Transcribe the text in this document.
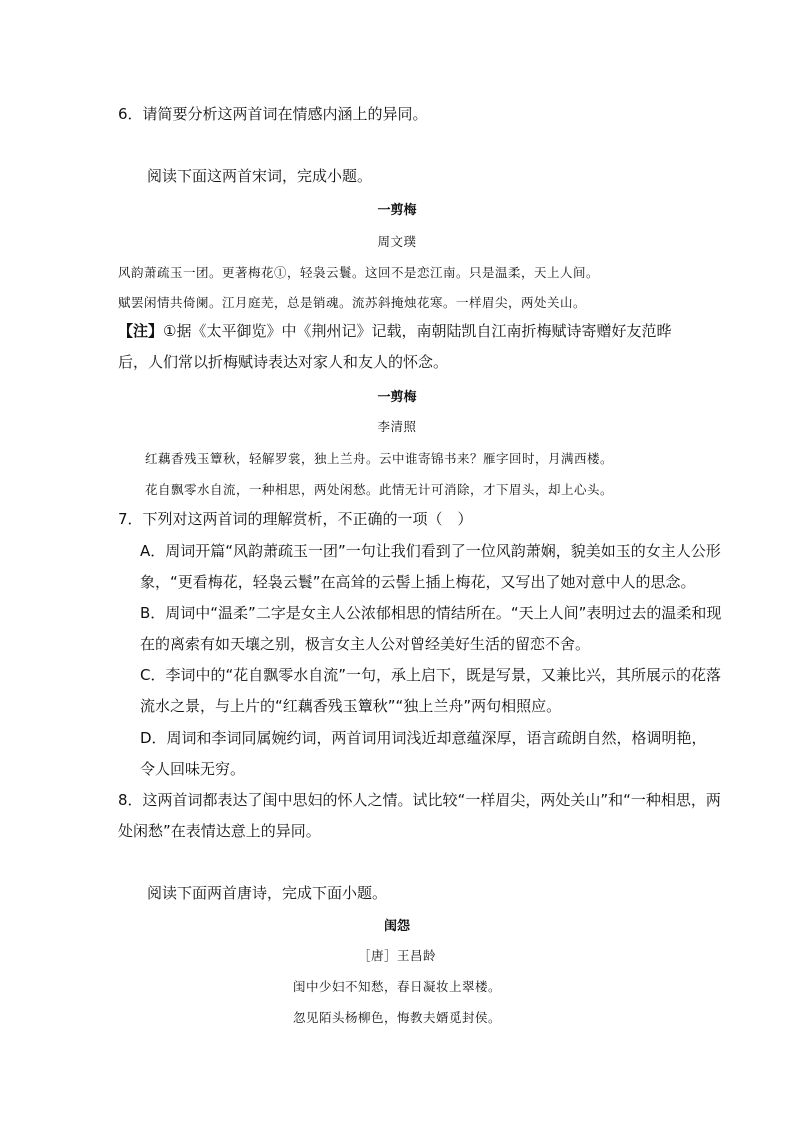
6．请简要分析这两首词在情感内涵上的异同。
阅读下面这两首宋词，完成小题。
一剪梅
周文璞
风韵萧疏玉一团。更著梅花①，轻袅云鬟。这回不是恋江南。只是温柔，天上人间。
赋罢闲情共倚阑。江月庭芜，总是销魂。流苏斜掩烛花寒。一样眉尖，两处关山。
【注】①据《太平御览》中《荆州记》记载，南朝陆凯自江南折梅赋诗寄赠好友范晔
后，人们常以折梅赋诗表达对家人和友人的怀念。
一剪梅
李清照
红藕香残玉簟秋，轻解罗裳，独上兰舟。云中谁寄锦书来？雁字回时，月满西楼。
花自飘零水自流，一种相思，两处闲愁。此情无计可消除，才下眉头，却上心头。
7．下列对这两首词的理解赏析，不正确的一项（　）
A．周词开篇“风韵萧疏玉一团”一句让我们看到了一位风韵萧娴，貌美如玉的女主人公形
象，“更看梅花，轻袅云鬟”在高耸的云髻上插上梅花，又写出了她对意中人的思念。
B．周词中“温柔”二字是女主人公浓郁相思的情结所在。“天上人间”表明过去的温柔和现
在的离索有如天壤之别，极言女主人公对曾经美好生活的留恋不舍。
C．李词中的“花自飘零水自流”一句，承上启下，既是写景，又兼比兴，其所展示的花落
流水之景，与上片的“红藕香残玉簟秋”“独上兰舟”两句相照应。
D．周词和李词同属婉约词，两首词用词浅近却意蕴深厚，语言疏朗自然，格调明艳，
令人回味无穷。
8．这两首词都表达了闺中思妇的怀人之情。试比较“一样眉尖，两处关山”和“一种相思，两
处闲愁”在表情达意上的异同。
阅读下面两首唐诗，完成下面小题。
闺怨
［唐］王昌龄
闺中少妇不知愁，春日凝妆上翠楼。
忽见陌头杨柳色，悔教夫婿觅封侯。
